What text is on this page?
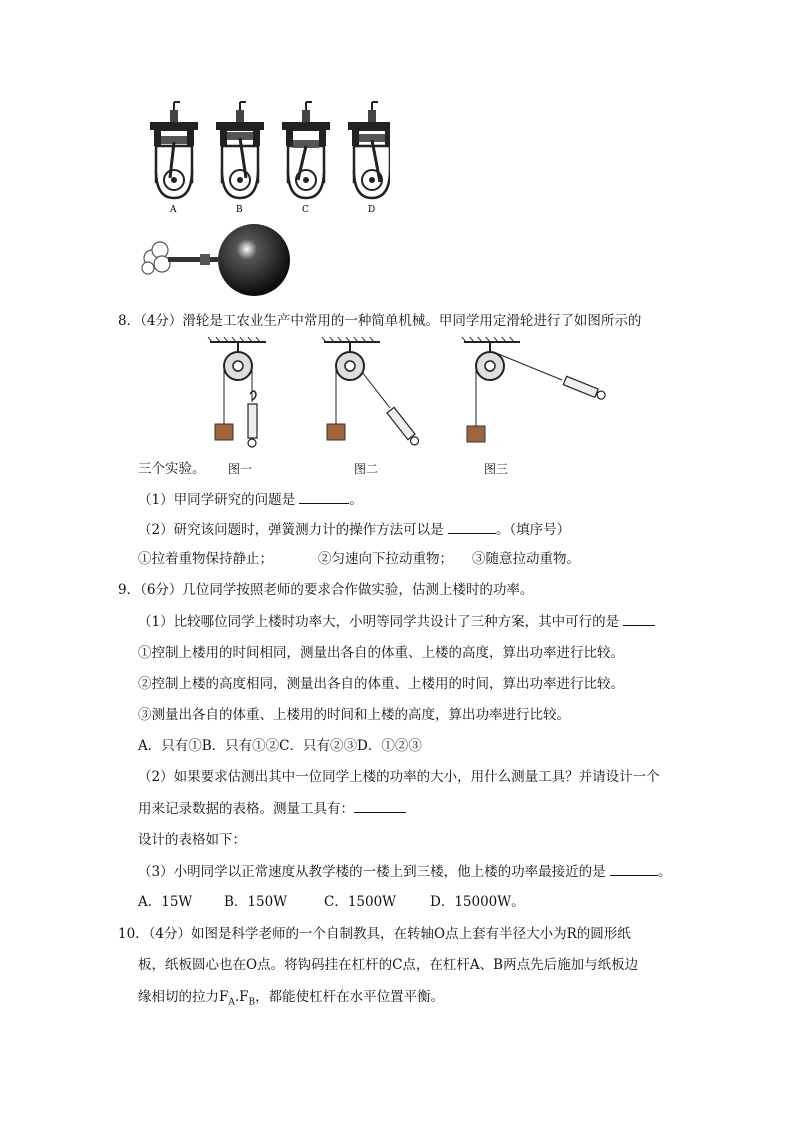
A	B	C	D
8．（4分）滑轮是工农业生产中常用的一种简单机械。甲同学用定滑轮进行了如图所示的
三个实验。 图一	图二	图三
（1）甲同学研究的问题是	。
（2）研究该问题时，弹簧测力计的操作方法可以是	。（填序号）
①拉着重物保持静止；	②匀速向下拉动重物； ③随意拉动重物。
9．（6分）几位同学按照老师的要求合作做实验，估测上楼时的功率。
（1）比较哪位同学上楼时功率大，小明等同学共设计了三种方案，其中可行的是
①控制上楼用的时间相同，测量出各自的体重、上楼的高度，算出功率进行比较。
②控制上楼的高度相同，测量出各自的体重、上楼用的时间，算出功率进行比较。
③测量出各自的体重、上楼用的时间和上楼的高度，算出功率进行比较。
A．只有①B．只有①②C．只有②③D．①②③
（2）如果要求估测出其中一位同学上楼的功率的大小，用什么测量工具？并请设计一个
用来记录数据的表格。测量工具有：
设计的表格如下：
（3）小明同学以正常速度从教学楼的一楼上到三楼，他上楼的功率最接近的是	。
A．15W B．150W	C．1500W	D．15000W。
10．（4分）如图是科学老师的一个自制教具，在转轴O点上套有半径大小为R的圆形纸
板，纸板圆心也在O点。将钩码挂在杠杆的C点，在杠杆A、B两点先后施加与纸板边
缘相切的拉力$F_A.F_B$，都能使杠杆在水平位置平衡。
